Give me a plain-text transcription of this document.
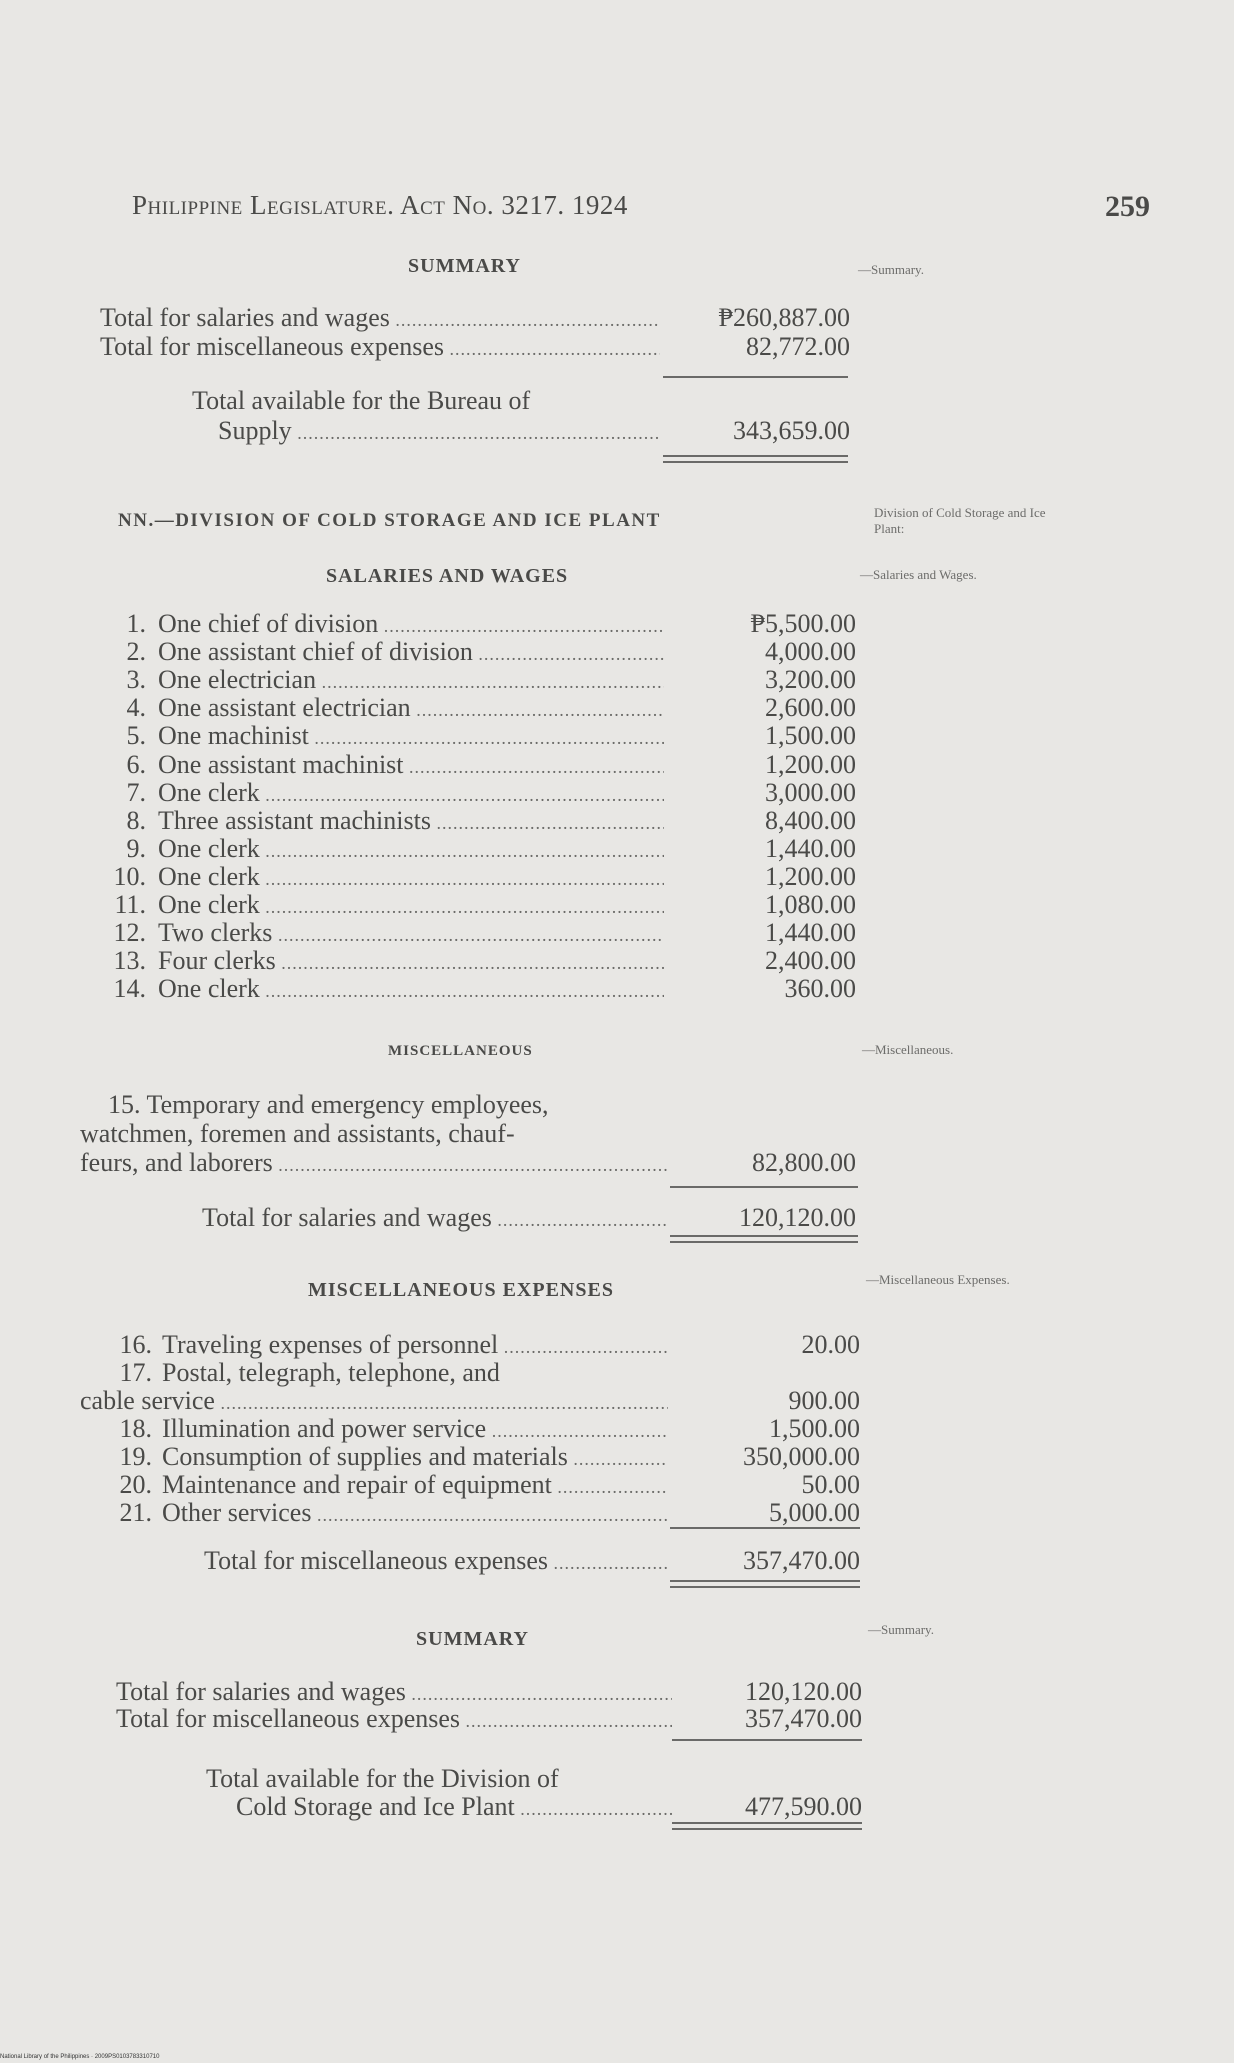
Philippine Legislature. Act No. 3217. 1924	259
SUMMARY	—Summary.
Total for salaries and wages .....	₱260,887.00
Total for miscellaneous expenses .....	82,772.00
Total available for the Bureau of
Supply .....	343,659.00
NN.—DIVISION OF COLD STORAGE AND ICE PLANT	Division of Cold Storage and Ice Plant:
SALARIES AND WAGES	—Salaries and Wages.
1. One chief of division .....	₱5,500.00
2. One assistant chief of division .....	4,000.00
3. One electrician .....	3,200.00
4. One assistant electrician .....	2,600.00
5. One machinist .....	1,500.00
6. One assistant machinist .....	1,200.00
7. One clerk .....	3,000.00
8. Three assistant machinists .....	8,400.00
9. One clerk .....	1,440.00
10. One clerk .....	1,200.00
11. One clerk .....	1,080.00
12. Two clerks .....	1,440.00
13. Four clerks .....	2,400.00
14. One clerk .....	360.00
MISCELLANEOUS	—Miscellaneous.
15. Temporary and emergency employees,
watchmen, foremen and assistants, chauf-
feurs, and laborers .....	82,800.00
Total for salaries and wages .....	120,120.00
MISCELLANEOUS EXPENSES	—Miscellaneous Expenses.
16. Traveling expenses of personnel .....	20.00
17. Postal, telegraph, telephone, and
cable service .....	900.00
18. Illumination and power service .....	1,500.00
19. Consumption of supplies and materials .....	350,000.00
20. Maintenance and repair of equipment .....	50.00
21. Other services .....	5,000.00
Total for miscellaneous expenses .....	357,470.00
SUMMARY	—Summary.
Total for salaries and wages .....	120,120.00
Total for miscellaneous expenses .....	357,470.00
Total available for the Division of
Cold Storage and Ice Plant .....	477,590.00
National Library of the Philippines · 2009PS0103783310710
